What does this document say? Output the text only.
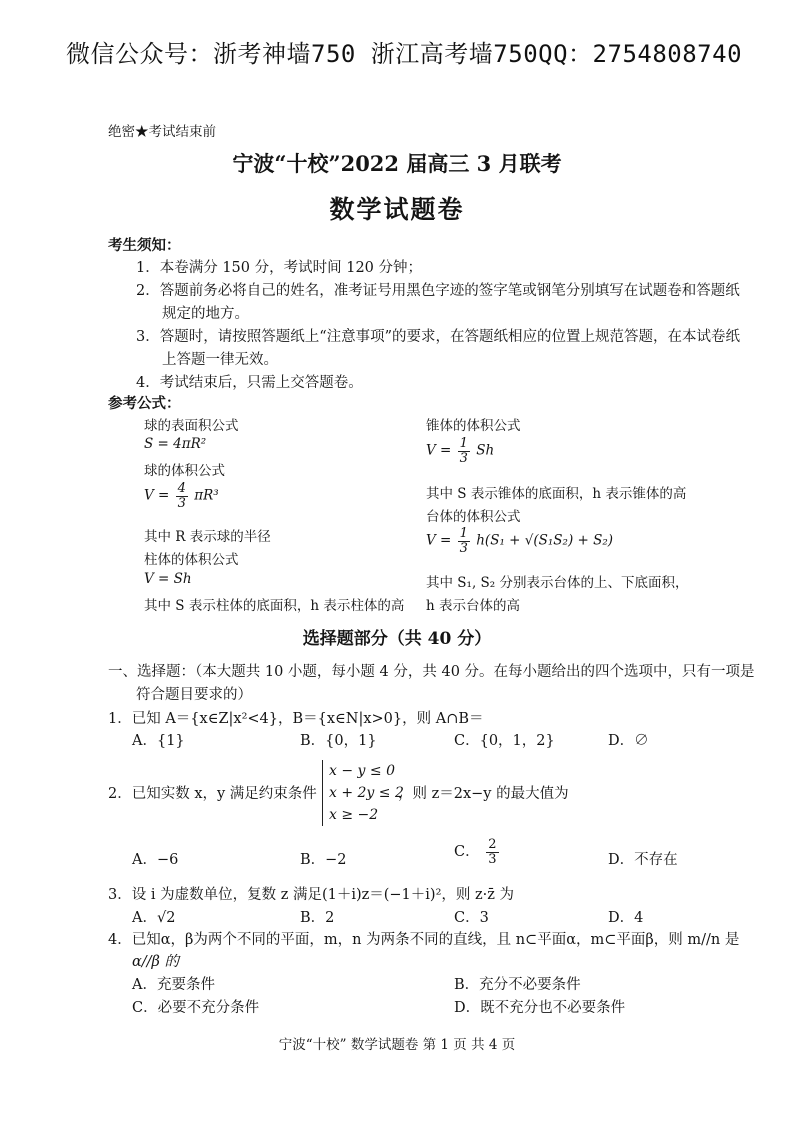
微信公众号：浙考神墙750 浙江高考墙750QQ：2754808740
绝密★考试结束前
宁波“十校”2022 届高三 3 月联考
数学试题卷
考生须知：
1．本卷满分 150 分，考试时间 120 分钟；
2．答题前务必将自己的姓名，准考证号用黑色字迹的签字笔或钢笔分别填写在试题卷和答题纸
规定的地方。
3．答题时，请按照答题纸上“注意事项”的要求，在答题纸相应的位置上规范答题，在本试卷纸
上答题一律无效。
4．考试结束后，只需上交答题卷。
参考公式：
球的表面积公式
S = 4πR²
球的体积公式
$V = \frac{4}{3} \pi R^3$
其中 R 表示球的半径
柱体的体积公式
V = Sh
其中 S 表示柱体的底面积，h 表示柱体的高
锥体的体积公式
$V = \frac{1}{3}$ Sh
其中 S 表示锥体的底面积，h 表示锥体的高
台体的体积公式
$V = \frac{1}{3} h(S_1 + √(S_1S_2) + S_2)$
其中 S₁, S₂ 分别表示台体的上、下底面积，
h 表示台体的高
选择题部分（共 40 分）
一、选择题：（本大题共 10 小题，每小题 4 分，共 40 分。在每小题给出的四个选项中，只有一项是
符合题目要求的）
1．已知 A＝{x∈Z|x²<4}，B＝{x∈N|x>0}，则 A∩B＝
A．{1}	B．{0，1}	C．{0，1，2}	D．∅
2．已知实数 x，y 满足约束条件
x − y ≤ 0
x + 2y ≤ 2
x ≥ −2
，则 z＝2x−y 的最大值为
A．−6	B．−2	C． $\frac{2}{3}$	D．不存在
3．设 i 为虚数单位，复数 z 满足(1＋i)z＝(−1＋i)²，则 z·z̄ 为
A．√2	B．2	C．3	D．4
4．已知α，β为两个不同的平面，m，n 为两条不同的直线，且 n⊂平面α，m⊂平面β，则 m//n 是
α//β 的
A．充要条件	B．充分不必要条件
C．必要不充分条件	D．既不充分也不必要条件
宁波“十校” 数学试题卷 第 1 页 共 4 页
